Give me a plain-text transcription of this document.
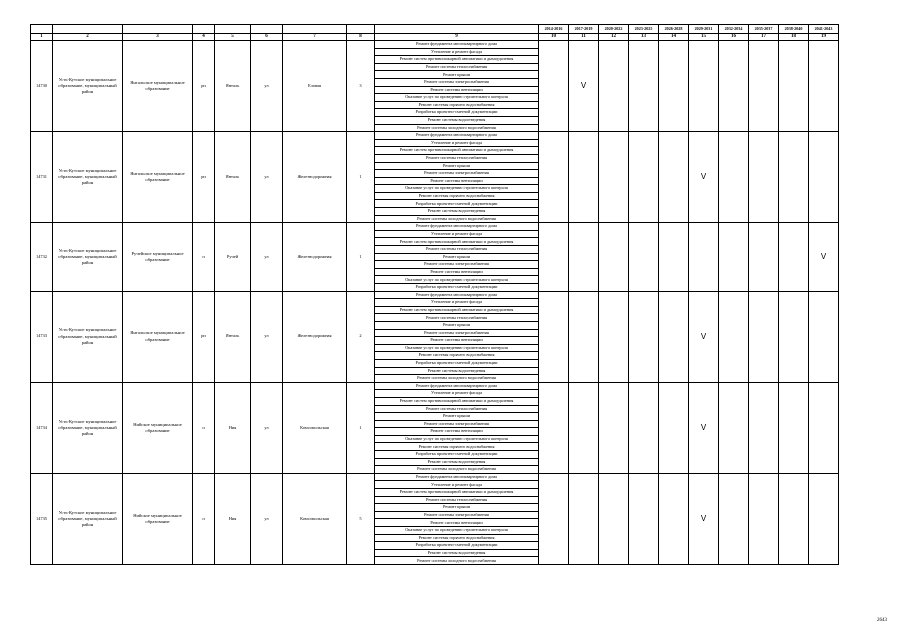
									2014-2016	2017-2019	2020-2022	2023-2025	2026-2028	2029-2031	2032-2034	2035-2037	2038-2040	2041-2043
1	2	3	4	5	6	7	8	9	10	11	12	13	14	15	16	17	18	19
14730	Усть-Кутское муниципальное образование, муниципальный район	Янтальское муниципальное образование	рп	Янталь	ул	Еловая	3	Ремонт фундамента многоквартирного дома		V								
								Утепление и ремонт фасада										
								Ремонт систем противопожарной автоматики и дымоудаления										
								Ремонт системы теплоснабжения										
								Ремонт крыши										
								Ремонт системы электроснабжения										
								Ремонт системы вентиляции										
								Оказание услуг по проведению строительного контроля										
								Ремонт системы горячего водоснабжения										
								Разработка проектно-сметной документации										
								Ремонт системы водоотведения										
								Ремонт системы холодного водоснабжения										
14731	Усть-Кутское муниципальное образование, муниципальный район	Янтальское муниципальное образование	рп	Янталь	ул	Железнодорожная	1	Ремонт фундамента многоквартирного дома						V				
								Утепление и ремонт фасада										
								Ремонт систем противопожарной автоматики и дымоудаления										
								Ремонт системы теплоснабжения										
								Ремонт крыши										
								Ремонт системы электроснабжения										
								Ремонт системы вентиляции										
								Оказание услуг по проведению строительного контроля										
								Ремонт системы горячего водоснабжения										
								Разработка проектно-сметной документации										
								Ремонт системы водоотведения										
								Ремонт системы холодного водоснабжения										
14732	Усть-Кутское муниципальное образование, муниципальный район	Ручейское муниципальное образование	п	Ручей	ул	Железнодорожная	1	Ремонт фундамента многоквартирного дома										V
								Утепление и ремонт фасада										
								Ремонт систем противопожарной автоматики и дымоудаления										
								Ремонт системы теплоснабжения										
								Ремонт крыши										
								Ремонт системы электроснабжения										
								Ремонт системы вентиляции										
								Оказание услуг по проведению строительного контроля										
								Разработка проектно-сметной документации										
14733	Усть-Кутское муниципальное образование, муниципальный район	Янтальское муниципальное образование	рп	Янталь	ул	Железнодорожная	2	Ремонт фундамента многоквартирного дома						V				
								Утепление и ремонт фасада										
								Ремонт систем противопожарной автоматики и дымоудаления										
								Ремонт системы теплоснабжения										
								Ремонт крыши										
								Ремонт системы электроснабжения										
								Ремонт системы вентиляции										
								Оказание услуг по проведению строительного контроля										
								Ремонт системы горячего водоснабжения										
								Разработка проектно-сметной документации										
								Ремонт системы водоотведения										
								Ремонт системы холодного водоснабжения										
14734	Усть-Кутское муниципальное образование, муниципальный район	Нийское муниципальное образование	п	Ния	ул	Комсомольская	1	Ремонт фундамента многоквартирного дома						V				
								Утепление и ремонт фасада										
								Ремонт систем противопожарной автоматики и дымоудаления										
								Ремонт системы теплоснабжения										
								Ремонт крыши										
								Ремонт системы электроснабжения										
								Ремонт системы вентиляции										
								Оказание услуг по проведению строительного контроля										
								Ремонт системы горячего водоснабжения										
								Разработка проектно-сметной документации										
								Ремонт системы водоотведения										
								Ремонт системы холодного водоснабжения										
14735	Усть-Кутское муниципальное образование, муниципальный район	Нийское муниципальное образование	п	Ния	ул	Комсомольская	5	Ремонт фундамента многоквартирного дома						V				
								Утепление и ремонт фасада										
								Ремонт систем противопожарной автоматики и дымоудаления										
								Ремонт системы теплоснабжения										
								Ремонт крыши										
								Ремонт системы электроснабжения										
								Ремонт системы вентиляции										
								Оказание услуг по проведению строительного контроля										
								Ремонт системы горячего водоснабжения										
								Разработка проектно-сметной документации										
								Ремонт системы водоотведения										
								Ремонт системы холодного водоснабжения										
2643
